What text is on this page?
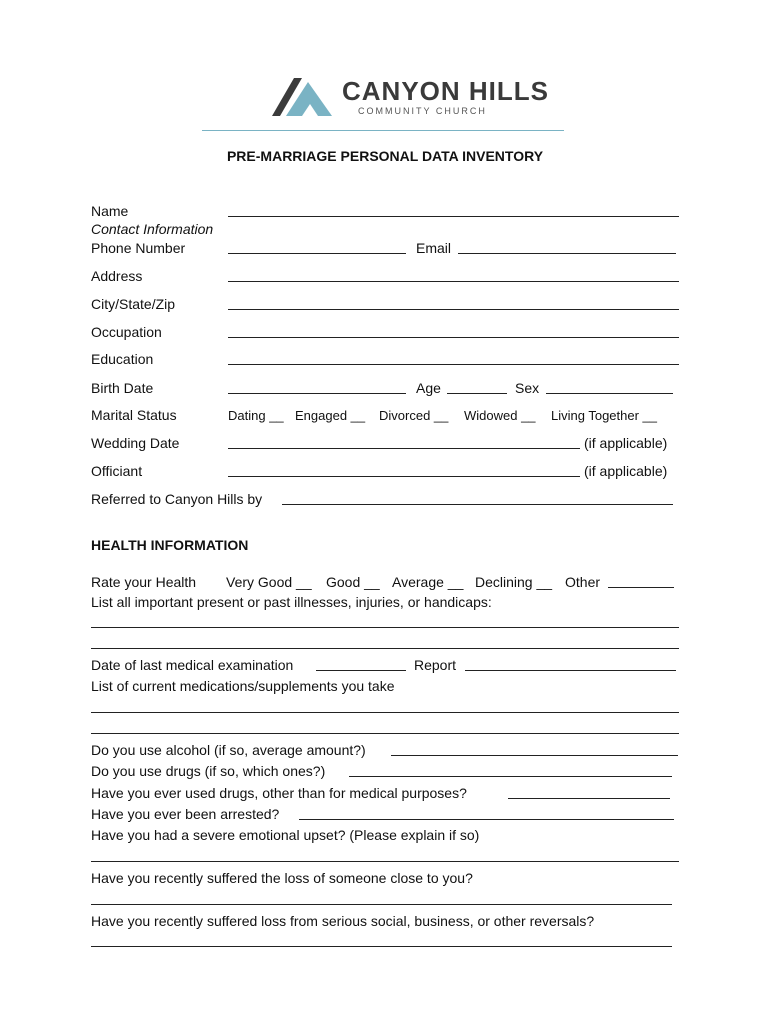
CANYON HILLS
COMMUNITY CHURCH
PRE-MARRIAGE PERSONAL DATA INVENTORY
Name
Contact Information
Phone Number	Email
Address
City/State/Zip
Occupation
Education
Birth Date	Age	Sex
Marital Status	Dating __ Engaged __ Divorced __ Widowed __ Living Together __
Wedding Date	(if applicable)
Officiant	(if applicable)
Referred to Canyon Hills by
HEALTH INFORMATION
Rate your Health Very Good __ Good __ Average __ Declining __ Other
List all important present or past illnesses, injuries, or handicaps:
Date of last medical examination	Report
List of current medications/supplements you take
Do you use alcohol (if so, average amount?)
Do you use drugs (if so, which ones?)
Have you ever used drugs, other than for medical purposes?
Have you ever been arrested?
Have you had a severe emotional upset? (Please explain if so)
Have you recently suffered the loss of someone close to you?
Have you recently suffered loss from serious social, business, or other reversals?
